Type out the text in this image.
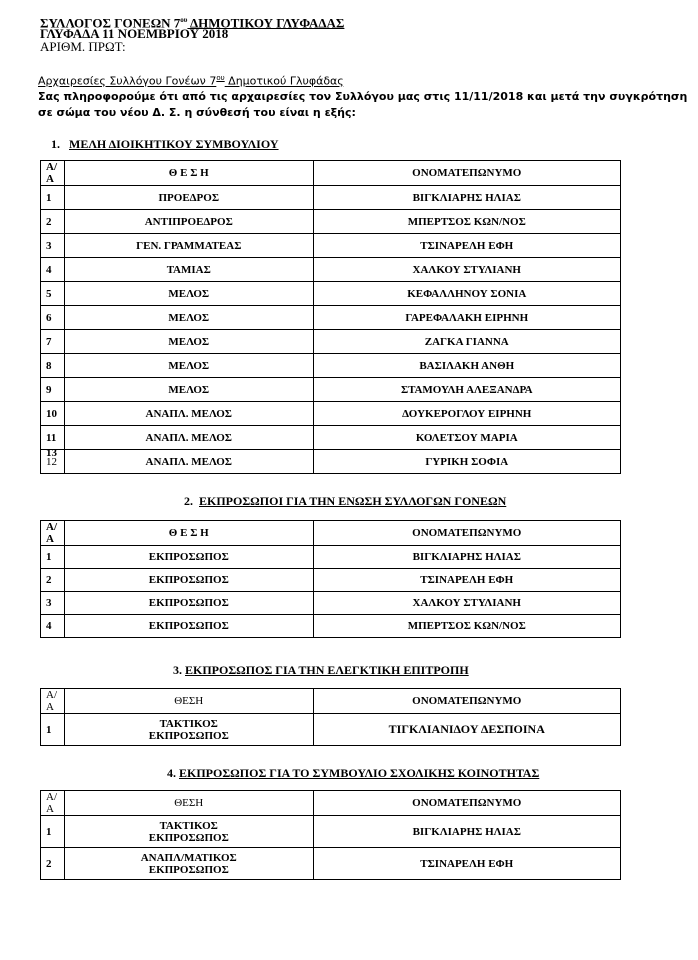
ΣΥΛΛΟΓΟΣ ΓΟΝΕΩΝ $7^{o\upsilon}$ ΔΗΜΟΤΙΚΟΥ ΓΛΥΦΑΔΑΣ
ΓΛΥΦΑΔΑ 11 ΝΟΕΜΒΡΙΟΥ 2018
ΑΡΙΘΜ. ΠΡΩΤ:
Αρχαιρεσίες Συλλόγου Γονέων $7^{o\upsilon}$ Δημοτικού Γλυφάδας
Σας πληροφορούμε ότι από τις αρχαιρεσίες τον Συλλόγου μας στις 11/11/2018 και μετά την συγκρότηση
σε σώμα του νέου Δ. Σ. η σύνθεσή του είναι η εξής:
1. ΜΕΛΗ ΔΙΟΙΚΗΤΙΚΟΥ ΣΥΜΒΟΥΛΙΟΥ
Α/Α	Θ Ε Σ Η	ΟΝΟΜΑΤΕΠΩΝΥΜΟ
1	ΠΡΟΕΔΡΟΣ	ΒΙΓΚΛΙΑΡΗΣ ΗΛΙΑΣ
2	ΑΝΤΙΠΡΟΕΔΡΟΣ	ΜΠΕΡΤΣΟΣ ΚΩΝ/ΝΟΣ
3	ΓΕΝ. ΓΡΑΜΜΑΤΕΑΣ	ΤΣΙΝΑΡΕΛΗ ΕΦΗ
4	ΤΑΜΙΑΣ	ΧΑΛΚΟΥ ΣΤΥΛΙΑΝΗ
5	ΜΕΛΟΣ	ΚΕΦΑΛΛΗΝΟΥ ΣΟΝΙΑ
6	ΜΕΛΟΣ	ΓΑΡΕΦΑΛΑΚΗ ΕΙΡΗΝΗ
7	ΜΕΛΟΣ	ΖΑΓΚΑ ΓΙΑΝΝΑ
8	ΜΕΛΟΣ	ΒΑΣΙΛΑΚΗ ΑΝΘΗ
9	ΜΕΛΟΣ	ΣΤΑΜΟΥΛΗ ΑΛΕΞΑΝΔΡΑ
10	ΑΝΑΠΛ. ΜΕΛΟΣ	ΔΟΥΚΕΡΟΓΛΟΥ ΕΙΡΗΝΗ
11	ΑΝΑΠΛ. ΜΕΛΟΣ	ΚΟΛΕΤΣΟΥ ΜΑΡΙΑ
12	ΑΝΑΠΛ. ΜΕΛΟΣ	ΓΥΡΙΚΗ ΣΟΦΙΑ
13
2. ΕΚΠΡΟΣΩΠΟΙ ΓΙΑ ΤΗΝ ΕΝΩΣΗ ΣΥΛΛΟΓΩΝ ΓΟΝΕΩΝ
Α/Α	Θ Ε Σ Η	ΟΝΟΜΑΤΕΠΩΝΥΜΟ
1	ΕΚΠΡΟΣΩΠΟΣ	ΒΙΓΚΛΙΑΡΗΣ ΗΛΙΑΣ
2	ΕΚΠΡΟΣΩΠΟΣ	ΤΣΙΝΑΡΕΛΗ ΕΦΗ
3	ΕΚΠΡΟΣΩΠΟΣ	ΧΑΛΚΟΥ ΣΤΥΛΙΑΝΗ
4	ΕΚΠΡΟΣΩΠΟΣ	ΜΠΕΡΤΣΟΣ ΚΩΝ/ΝΟΣ
3. ΕΚΠΡΟΣΩΠΟΣ ΓΙΑ ΤΗΝ ΕΛΕΓΚΤΙΚΗ ΕΠΙΤΡΟΠΗ
Α/Α	ΘΕΣΗ	ΟΝΟΜΑΤΕΠΩΝΥΜΟ
1	ΤΑΚΤΙΚΟΣ
ΕΚΠΡΟΣΩΠΟΣ	ΤΙΓΚΛΙΑΝΙΔΟΥ ΔΕΣΠΟΙΝΑ
4. ΕΚΠΡΟΣΩΠΟΣ ΓΙΑ ΤΟ ΣΥΜΒΟΥΛΙΟ ΣΧΟΛΙΚΗΣ ΚΟΙΝΟΤΗΤΑΣ
Α/Α	ΘΕΣΗ	ΟΝΟΜΑΤΕΠΩΝΥΜΟ
1	ΤΑΚΤΙΚΟΣ
ΕΚΠΡΟΣΩΠΟΣ	ΒΙΓΚΛΙΑΡΗΣ ΗΛΙΑΣ
2	ΑΝΑΠΛ/ΜΑΤΙΚΟΣ
ΕΚΠΡΟΣΩΠΟΣ	ΤΣΙΝΑΡΕΛΗ ΕΦΗ
